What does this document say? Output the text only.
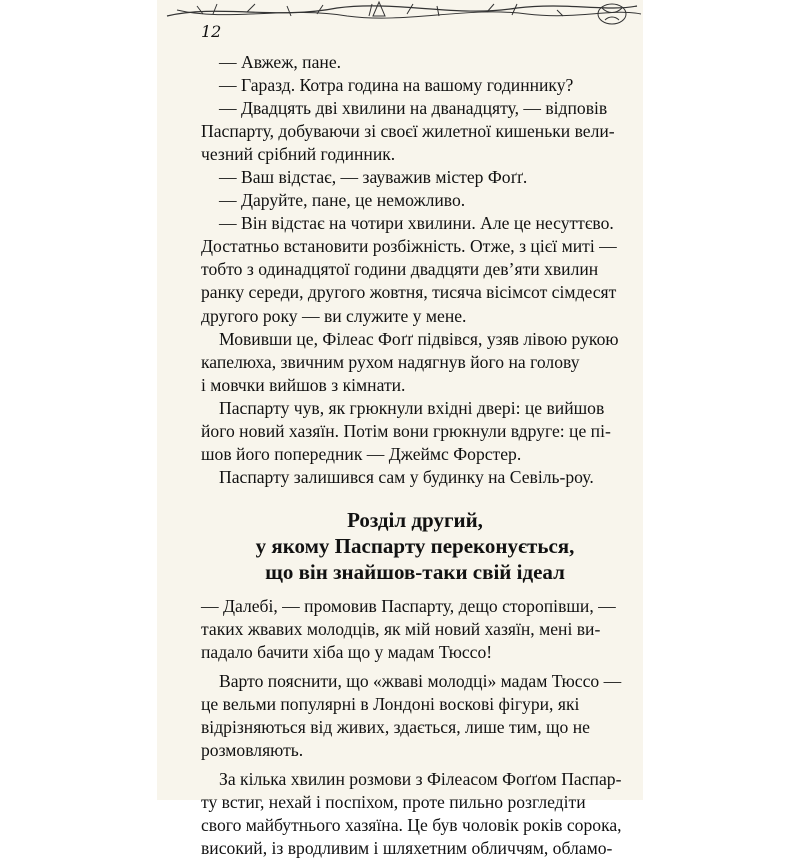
12
— Авжеж, пане.
— Гаразд. Котра година на вашому годиннику?
— Двадцять дві хвилини на дванадцяту, — відповів
Паспарту, добуваючи зі своєї жилетної кишеньки вели-
чезний срібний годинник.
— Ваш відстає, — зауважив містер Фоґґ.
— Даруйте, пане, це неможливо.
— Він відстає на чотири хвилини. Але це несуттєво.
Достатньо встановити розбіжність. Отже, з цієї миті —
тобто з одинадцятої години двадцяти дев’яти хвилин
ранку середи, другого жовтня, тисяча вісімсот сімдесят
другого року — ви служите у мене.
Мовивши це, Філеас Фоґґ підвівся, узяв лівою рукою
капелюха, звичним рухом надягнув його на голову
і мовчки вийшов з кімнати.
Паспарту чув, як грюкнули вхідні двері: це вийшов
його новий хазяїн. Потім вони грюкнули вдруге: це пі-
шов його попередник — Джеймс Форстер.
Паспарту залишився сам у будинку на Севіль-роу.
Розділ другий,
у якому Паспарту переконується,
що він знайшов-таки свій ідеал
— Далебі, — промовив Паспарту, дещо сторопівши, —
таких жвавих молодців, як мій новий хазяїн, мені ви-
падало бачити хіба що у мадам Тюссо!
Варто пояснити, що «жваві молодці» мадам Тюссо —
це вельми популярні в Лондоні воскові фігури, які
відрізняються від живих, здається, лише тим, що не
розмовляють.
За кілька хвилин розмови з Філеасом Фоґґом Паспар-
ту встиг, нехай і поспіхом, проте пильно розгледіти
свого майбутнього хазяїна. Це був чоловік років сорока,
високий, із вродливим і шляхетним обличчям, обламо-
